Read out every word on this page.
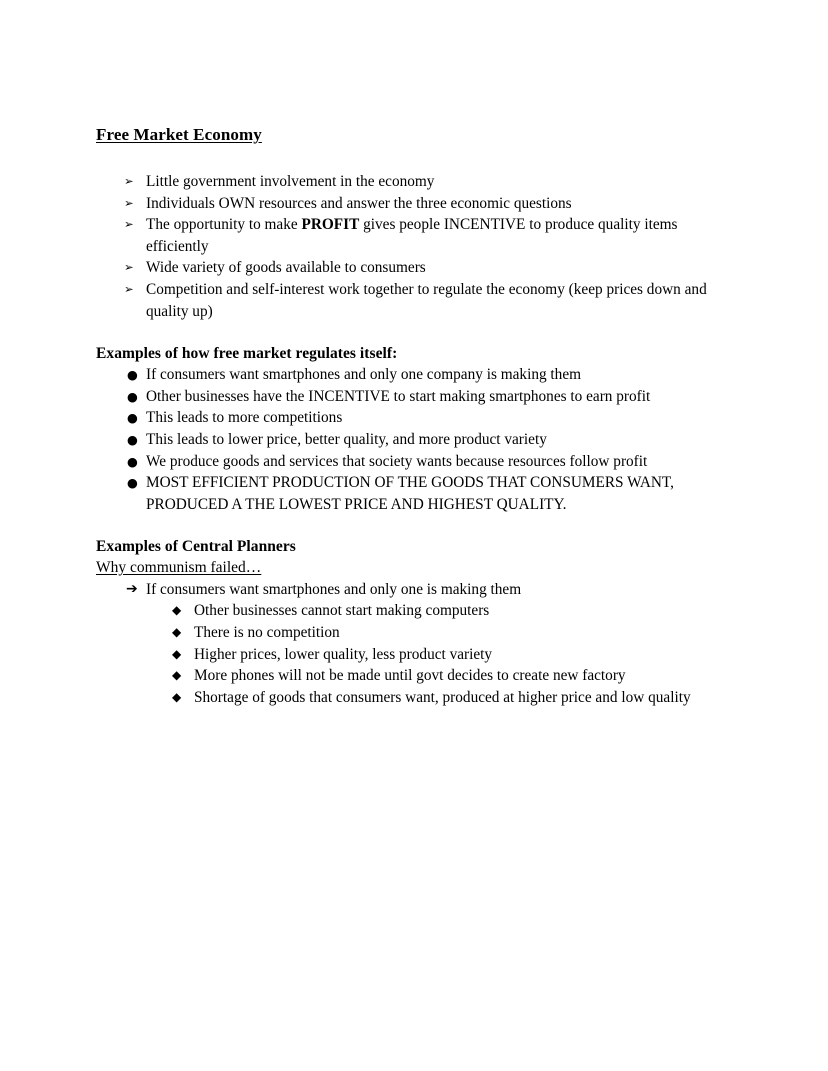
Free Market Economy
➢ Little government involvement in the economy
➢ Individuals OWN resources and answer the three economic questions
➢ The opportunity to make PROFIT gives people INCENTIVE to produce quality items efficiently
➢ Wide variety of goods available to consumers
➢ Competition and self-interest work together to regulate the economy (keep prices down and quality up)
Examples of how free market regulates itself:
● If consumers want smartphones and only one company is making them
● Other businesses have the INCENTIVE to start making smartphones to earn profit
● This leads to more competitions
● This leads to lower price, better quality, and more product variety
● We produce goods and services that society wants because resources follow profit
● MOST EFFICIENT PRODUCTION OF THE GOODS THAT CONSUMERS WANT, PRODUCED A THE LOWEST PRICE AND HIGHEST QUALITY.
Examples of Central Planners
Why communism failed…
➔ If consumers want smartphones and only one is making them
◆ Other businesses cannot start making computers
◆ There is no competition
◆ Higher prices, lower quality, less product variety
◆ More phones will not be made until govt decides to create new factory
◆ Shortage of goods that consumers want, produced at higher price and low quality
